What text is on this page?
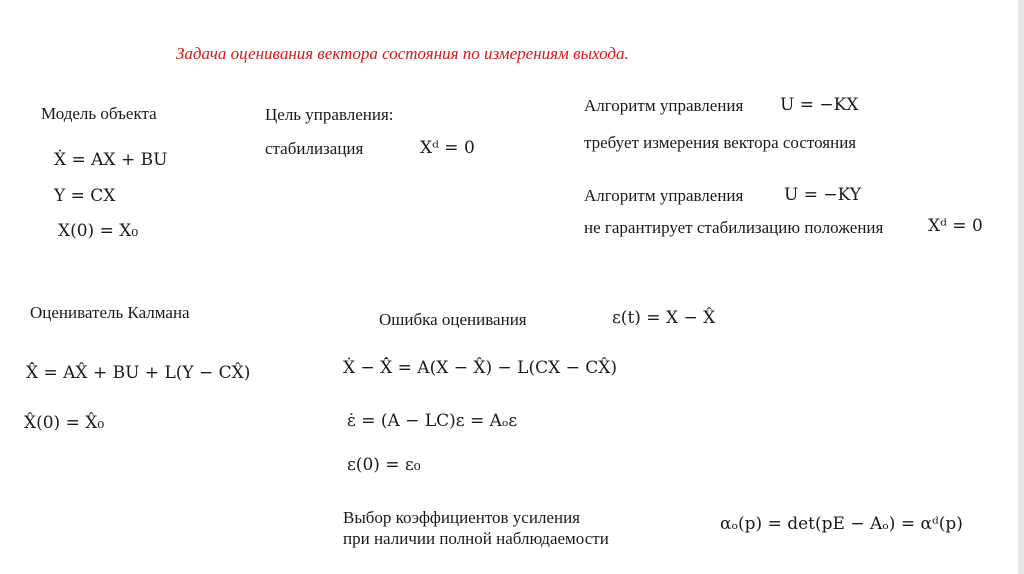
Задача оценивания вектора состояния по измерениям выхода.
Модель объекта
Ẋ = AX + BU
Y = CX
X(0) = X₀
Цель управления:
стабилизация	Xᵈ = 0
Алгоритм управления U = −KX
требует измерения вектора состояния
Алгоритм управления U = −KY
не гарантирует стабилизацию положения	Xᵈ = 0
Оцениватель Калмана
X̂̇ = AX̂ + BU + L(Y − CX̂)
X̂(0) = X̂₀
Ошибка оценивания	ε(t) = X − X̂
Ẋ − X̂̇ = A(X − X̂) − L(CX − CX̂)
ε̇ = (A − LC)ε = Aₒε
ε(0) = ε₀
Выбор коэффициентов усиления
при наличии полной наблюдаемости
αₒ(p) = det(pE − Aₒ) = αᵈ(p)
